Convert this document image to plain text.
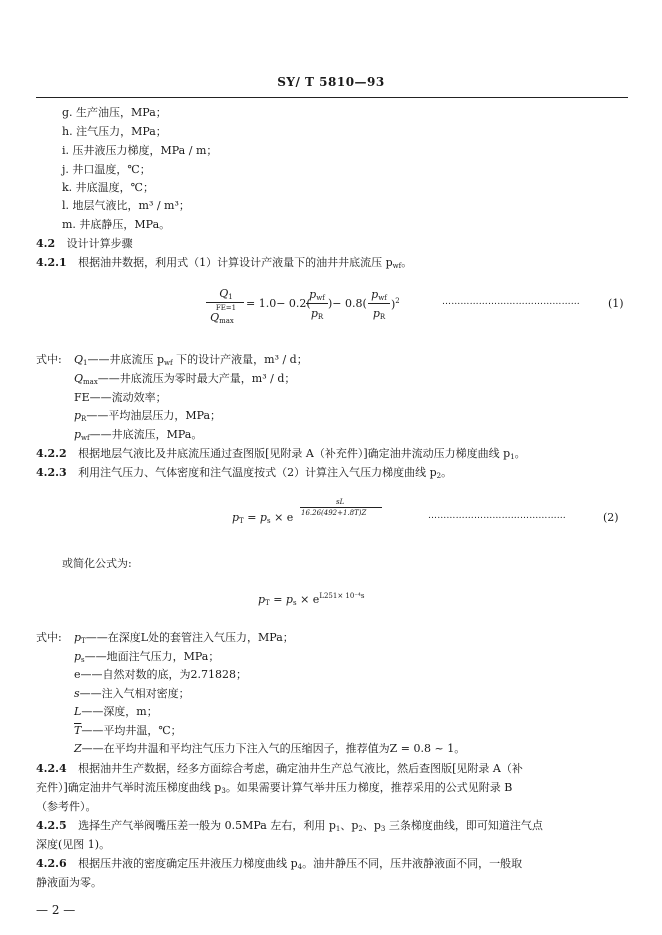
SY/ T 5810—93
g. 生产油压，MPa；
h. 注气压力，MPa；
i. 压井液压力梯度，MPa / m；
j. 井口温度，℃；
k. 井底温度，℃；
l. 地层气液比，m³ / m³；
m. 井底静压，MPa。
4.2 设计计算步骤
4.2.1 根据油井数据，利用式（1）计算设计产液量下的油井井底流压 $p_{wf}$。
$Q_1$
FE=1
$Q_{max}$
= 1.0− 0.2(
$p_{wf}$
$p_R$
)− 0.8(
$p_{wf}$
$p_R$
)$^2$	………………………………………	(1)
式中: $Q_1——$井底流压 $p_{wf}$ 下的设计产液量，m³ / d；
$Q_{max}——$井底流压为零时最大产量，m³ / d；
FE——流动效率；
$p_R——$平均油层压力，MPa；
$p_{wf}——$井底流压，MPa。
4.2.2 根据地层气液比及井底流压通过查图版[见附录 A（补充件）]确定油井流动压力梯度曲线 $p_1$。
4.2.3 利用注气压力、气体密度和注气温度按式（2）计算注入气压力梯度曲线 $p_2$。
$p_T = p_s \times e$
sL
16.26(492+1.8T)Z	………………………………………	(2)
或简化公式为:
$p_T = p_s \times e^{L251\times 10^{-4}s}$
式中: $p_T——$在深度L处的套管注入气压力，MPa；
$p_s——$地面注气压力，MPa；
e——自然对数的底，为2.71828；
s——注入气相对密度；
L——深度，m；
$\overline{T}——$平均井温，℃；
Z——在平均井温和平均注气压力下注入气的压缩因子，推荐值为Z = 0.8 ~ 1。
4.2.4 根据油井生产数据，经多方面综合考虑，确定油井生产总气液比，然后查图版[见附录 A（补
充件）]确定油井气举时流压梯度曲线 $p_3$。如果需要计算气举井压力梯度，推荐采用的公式见附录 B
（参考件）。
4.2.5 选择生产气举阀嘴压差一般为 0.5MPa 左右，利用 $p_1$、$p_2$、$p_3$ 三条梯度曲线，即可知道注气点
深度(见图 1)。
4.2.6 根据压井液的密度确定压井液压力梯度曲线 $p_4$。油井静压不同，压井液静液面不同，一般取
静液面为零。
— 2 —
